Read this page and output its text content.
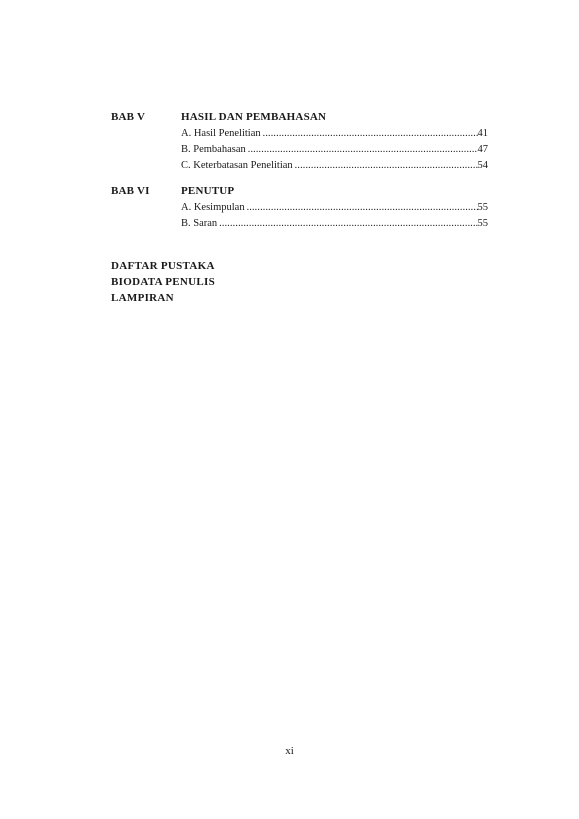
BAB V	HASIL DAN PEMBAHASAN
A. Hasil Penelitian .....	41
B. Pembahasan .....	47
C. Keterbatasan Penelitian .....	54
BAB VI	PENUTUP
A. Kesimpulan .....	55
B. Saran .....	55
DAFTAR PUSTAKA
BIODATA PENULIS
LAMPIRAN
xi
